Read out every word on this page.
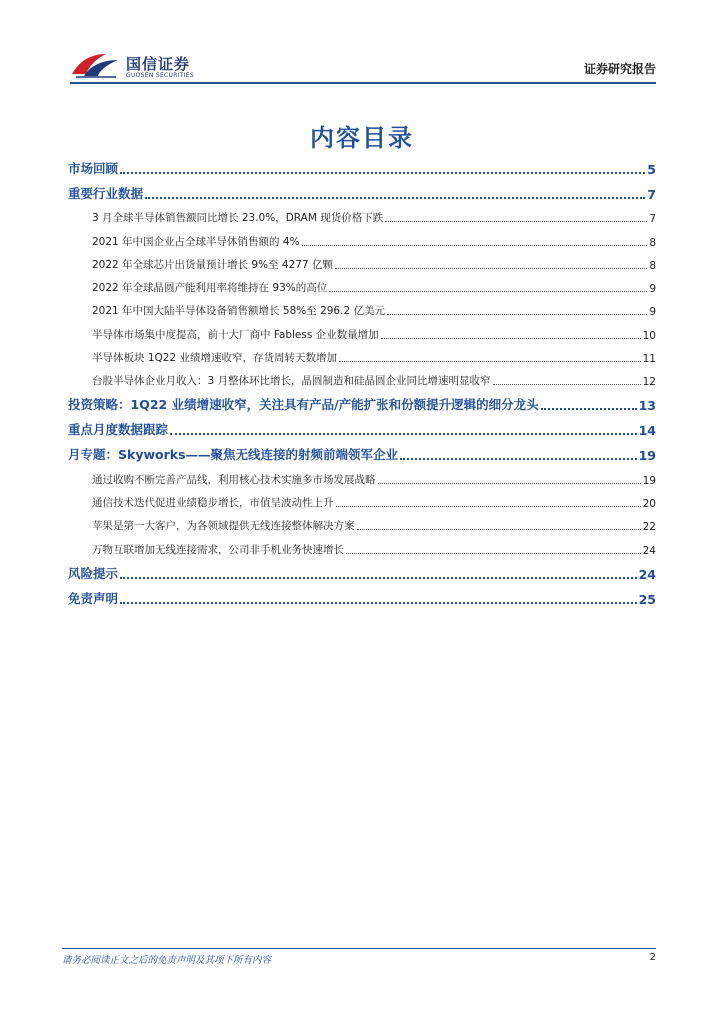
国信证券
GUOSEN SECURITIES	证券研究报告
内容目录
市场回顾	5
重要行业数据	7
3 月全球半导体销售额同比增长 23.0%，DRAM 现货价格下跌	7
2021 年中国企业占全球半导体销售额的 4%	8
2022 年全球芯片出货量预计增长 9%至 4277 亿颗	8
2022 年全球晶圆产能利用率将维持在 93%的高位	9
2021 年中国大陆半导体设备销售额增长 58%至 296.2 亿美元	9
半导体市场集中度提高，前十大厂商中 Fabless 企业数量增加	10
半导体板块 1Q22 业绩增速收窄，存货周转天数增加	11
台股半导体企业月收入：3 月整体环比增长，晶圆制造和硅晶圆企业同比增速明显收窄	12
投资策略：1Q22 业绩增速收窄，关注具有产品/产能扩张和份额提升逻辑的细分龙头	13
重点月度数据跟踪	14
月专题：Skyworks——聚焦无线连接的射频前端领军企业	19
通过收购不断完善产品线，利用核心技术实施多市场发展战略	19
通信技术迭代促进业绩稳步增长，市值呈波动性上升	20
苹果是第一大客户，为各领域提供无线连接整体解决方案	22
万物互联增加无线连接需求，公司非手机业务快速增长	24
风险提示	24
免责声明	25
请务必阅读正文之后的免责声明及其项下所有内容	2
